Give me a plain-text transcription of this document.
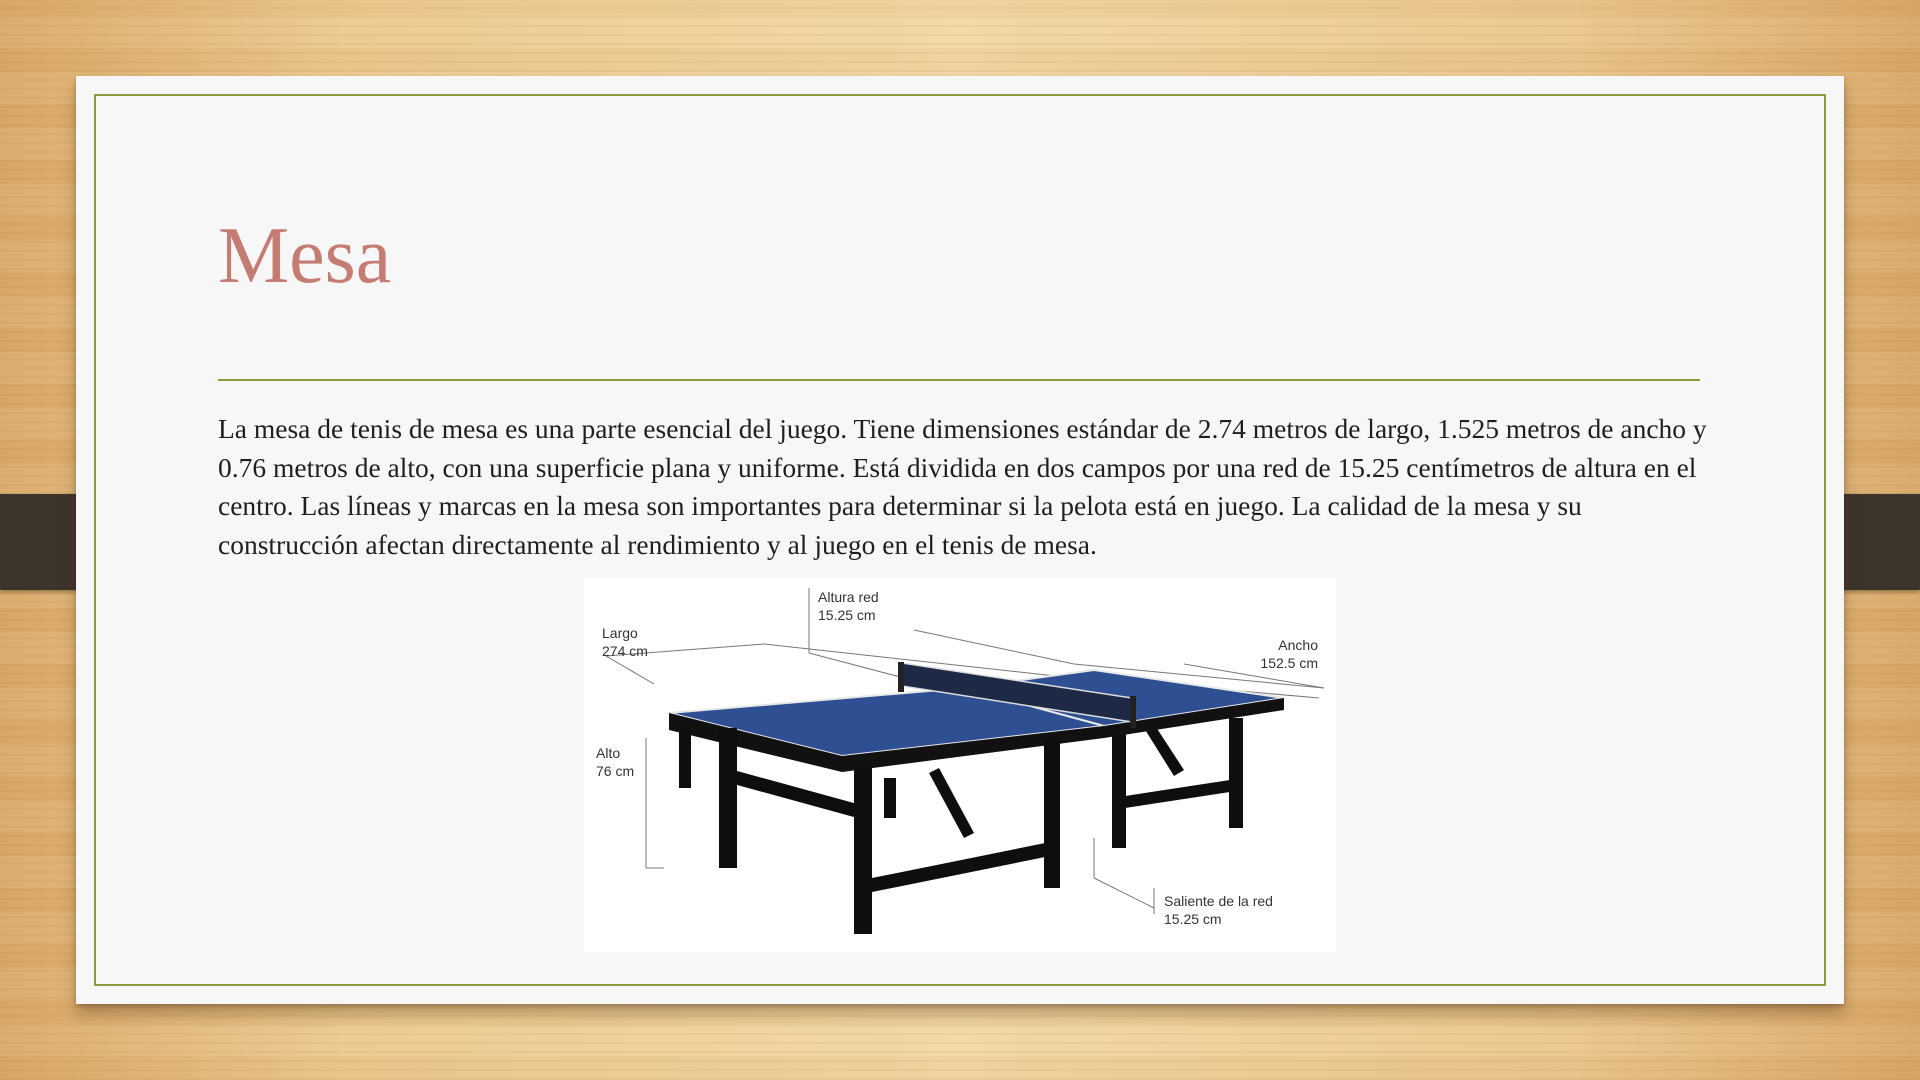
Mesa

La mesa de tenis de mesa es una parte esencial del juego. Tiene dimensiones estándar de 2.74 metros de largo, 1.525 metros de ancho y 0.76 metros de alto, con una superficie plana y uniforme. Está dividida en dos campos por una red de 15.25 centímetros de altura en el centro. Las líneas y marcas en la mesa son importantes para determinar si la pelota está en juego. La calidad de la mesa y su construcción afectan directamente al rendimiento y al juego en el tenis de mesa.

Altura red
15.25 cm
Largo
274 cm	Ancho
152.5 cm
Alto
76 cm
Saliente de la red
15.25 cm
